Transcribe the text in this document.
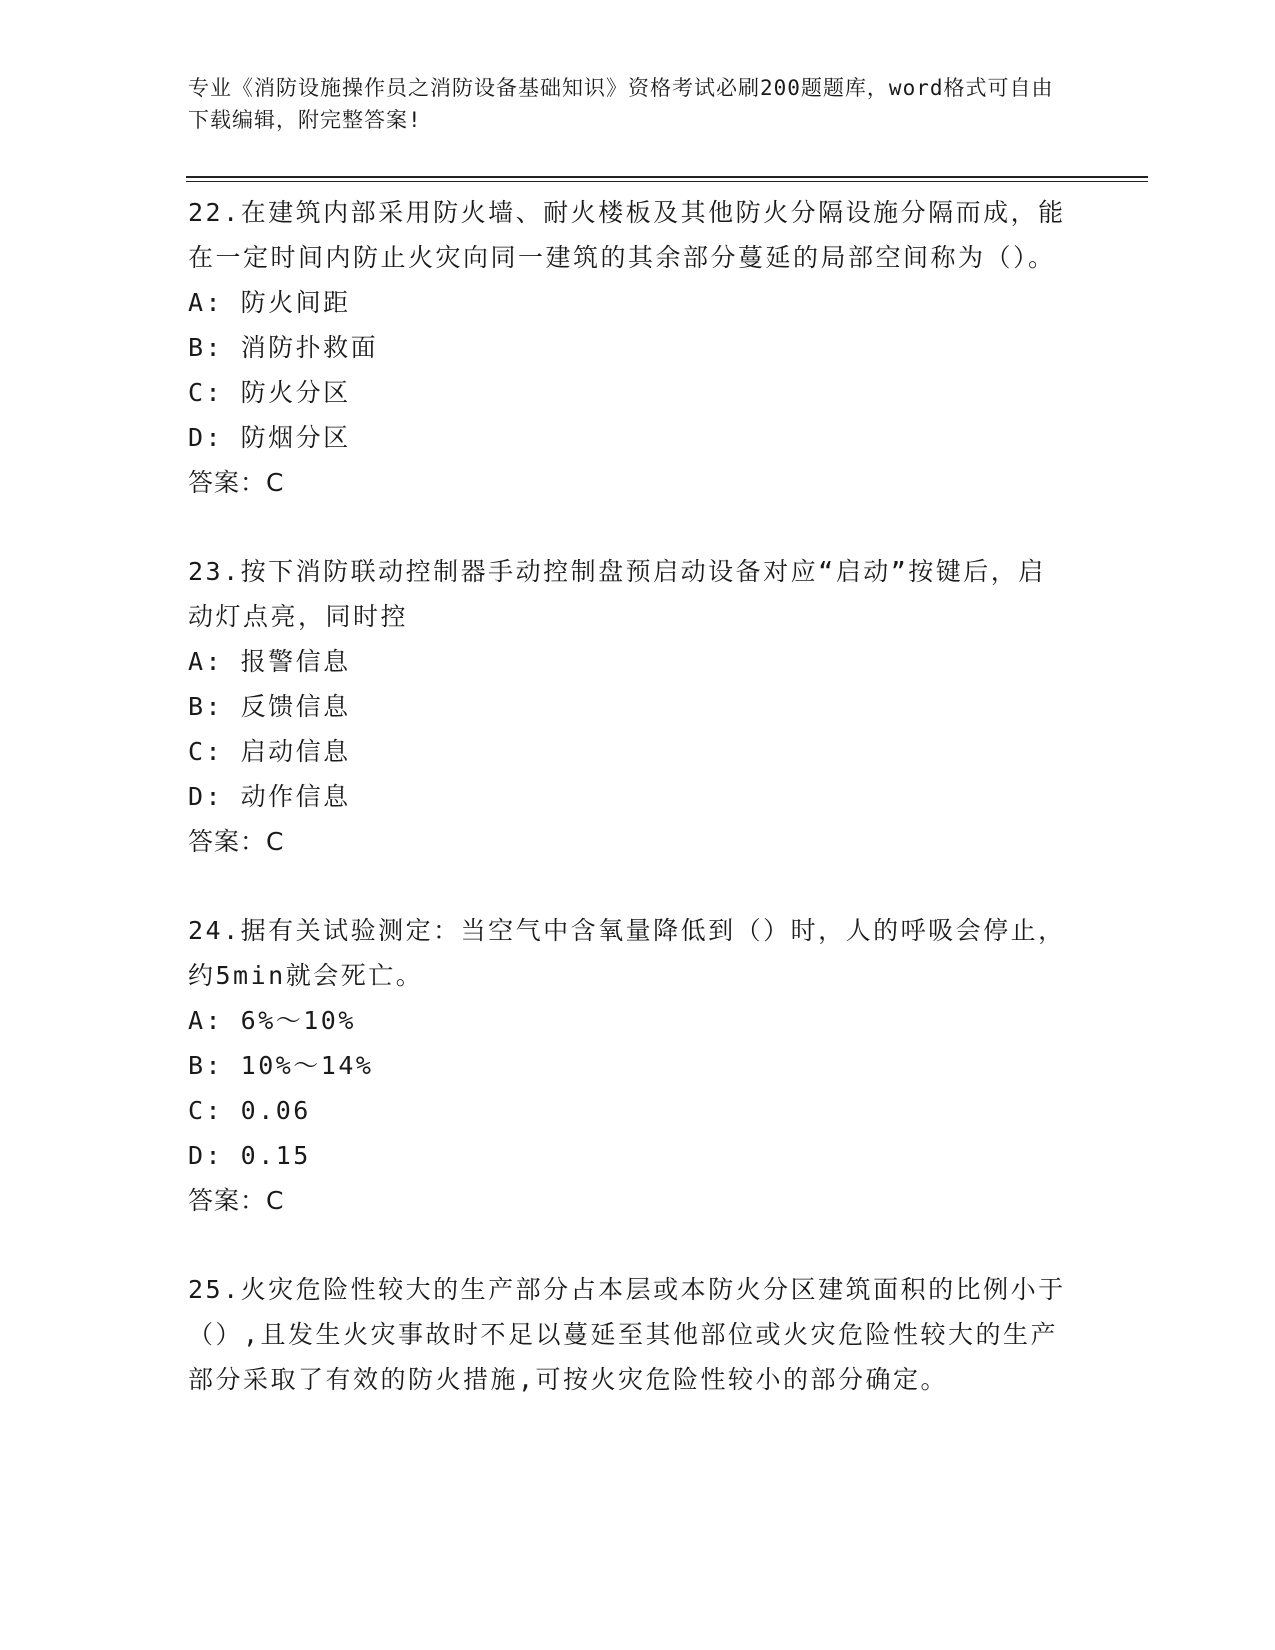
专业《消防设施操作员之消防设备基础知识》资格考试必刷200题题库，word格式可自由下载编辑，附完整答案!

22.在建筑内部采用防火墙、耐火楼板及其他防火分隔设施分隔而成，能在一定时间内防止火灾向同一建筑的其余部分蔓延的局部空间称为（）。

A: 防火间距

B: 消防扑救面

C: 防火分区

D: 防烟分区

答案：C

23.按下消防联动控制器手动控制盘预启动设备对应“启动”按键后，启动灯点亮，同时控

A: 报警信息

B: 反馈信息

C: 启动信息

D: 动作信息

答案：C

24.据有关试验测定：当空气中含氧量降低到（）时，人的呼吸会停止，约5min就会死亡。

A: 6%～10%

B: 10%～14%

C: 0.06

D: 0.15

答案：C

25.火灾危险性较大的生产部分占本层或本防火分区建筑面积的比例小于（）,且发生火灾事故时不足以蔓延至其他部位或火灾危险性较大的生产部分采取了有效的防火措施,可按火灾危险性较小的部分确定。
